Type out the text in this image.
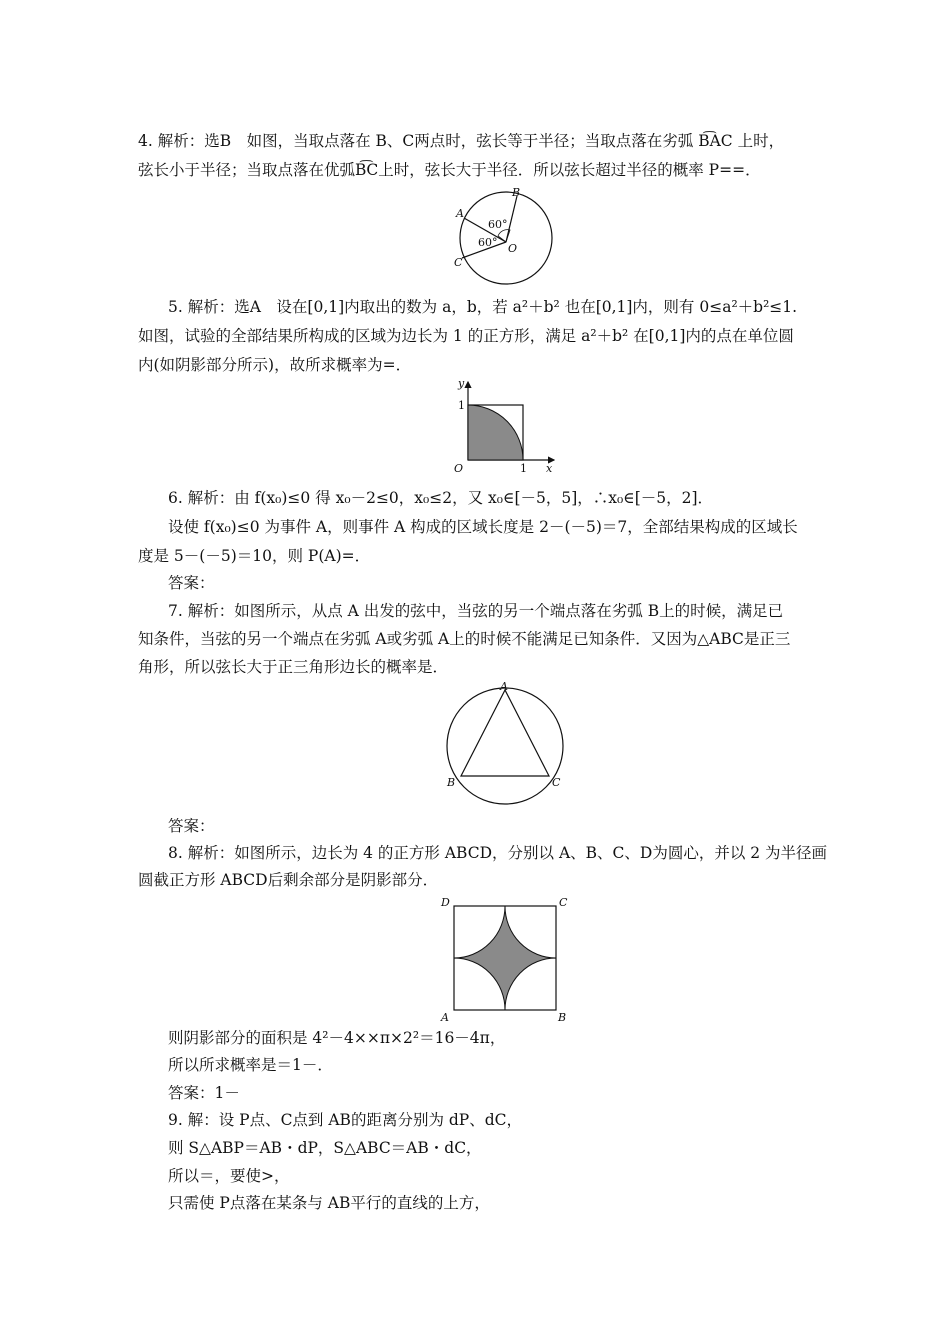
4. 解析：选B　如图，当取点落在 B、C两点时，弦长等于半径；当取点落在劣弧 B͡AC 上时，
弦长小于半径；当取点落在优弧B͡C上时，弦长大于半径．所以弦长超过半径的概率 P==．
B
A
C
O
60°
60°
5. 解析：选A　设在[0,1]内取出的数为 a，b，若 a²＋b² 也在[0,1]内，则有 0≤a²＋b²≤1.
如图，试验的全部结果所构成的区域为边长为 1 的正方形，满足 a²＋b² 在[0,1]内的点在单位圆
内(如阴影部分所示)，故所求概率为=．
y
x
O
1
1
6. 解析：由 f(x₀)≤0 得 x₀－2≤0，x₀≤2，又 x₀∈[－5，5]，∴x₀∈[－5，2]．
设使 f(x₀)≤0 为事件 A，则事件 A 构成的区域长度是 2－(－5)＝7，全部结果构成的区域长
度是 5－(－5)＝10，则 P(A)=．
答案：
7. 解析：如图所示，从点 A 出发的弦中，当弦的另一个端点落在劣弧 B上的时候，满足已
知条件，当弦的另一个端点在劣弧 A或劣弧 A上的时候不能满足已知条件．又因为△ABC是正三
角形，所以弦长大于正三角形边长的概率是．
A
B	C
答案：
8. 解析：如图所示，边长为 4 的正方形 ABCD，分别以 A、B、C、D为圆心，并以 2 为半径画
圆截正方形 ABCD后剩余部分是阴影部分．
D	C
A	B
则阴影部分的面积是 4²－4××π×2²＝16－4π，
所以所求概率是＝1－．
答案：1－
9. 解：设 P点、C点到 AB的距离分别为 dP、dC，
则 S△ABP＝AB・dP，S△ABC＝AB・dC，
所以＝，要使>，
只需使 P点落在某条与 AB平行的直线的上方，
